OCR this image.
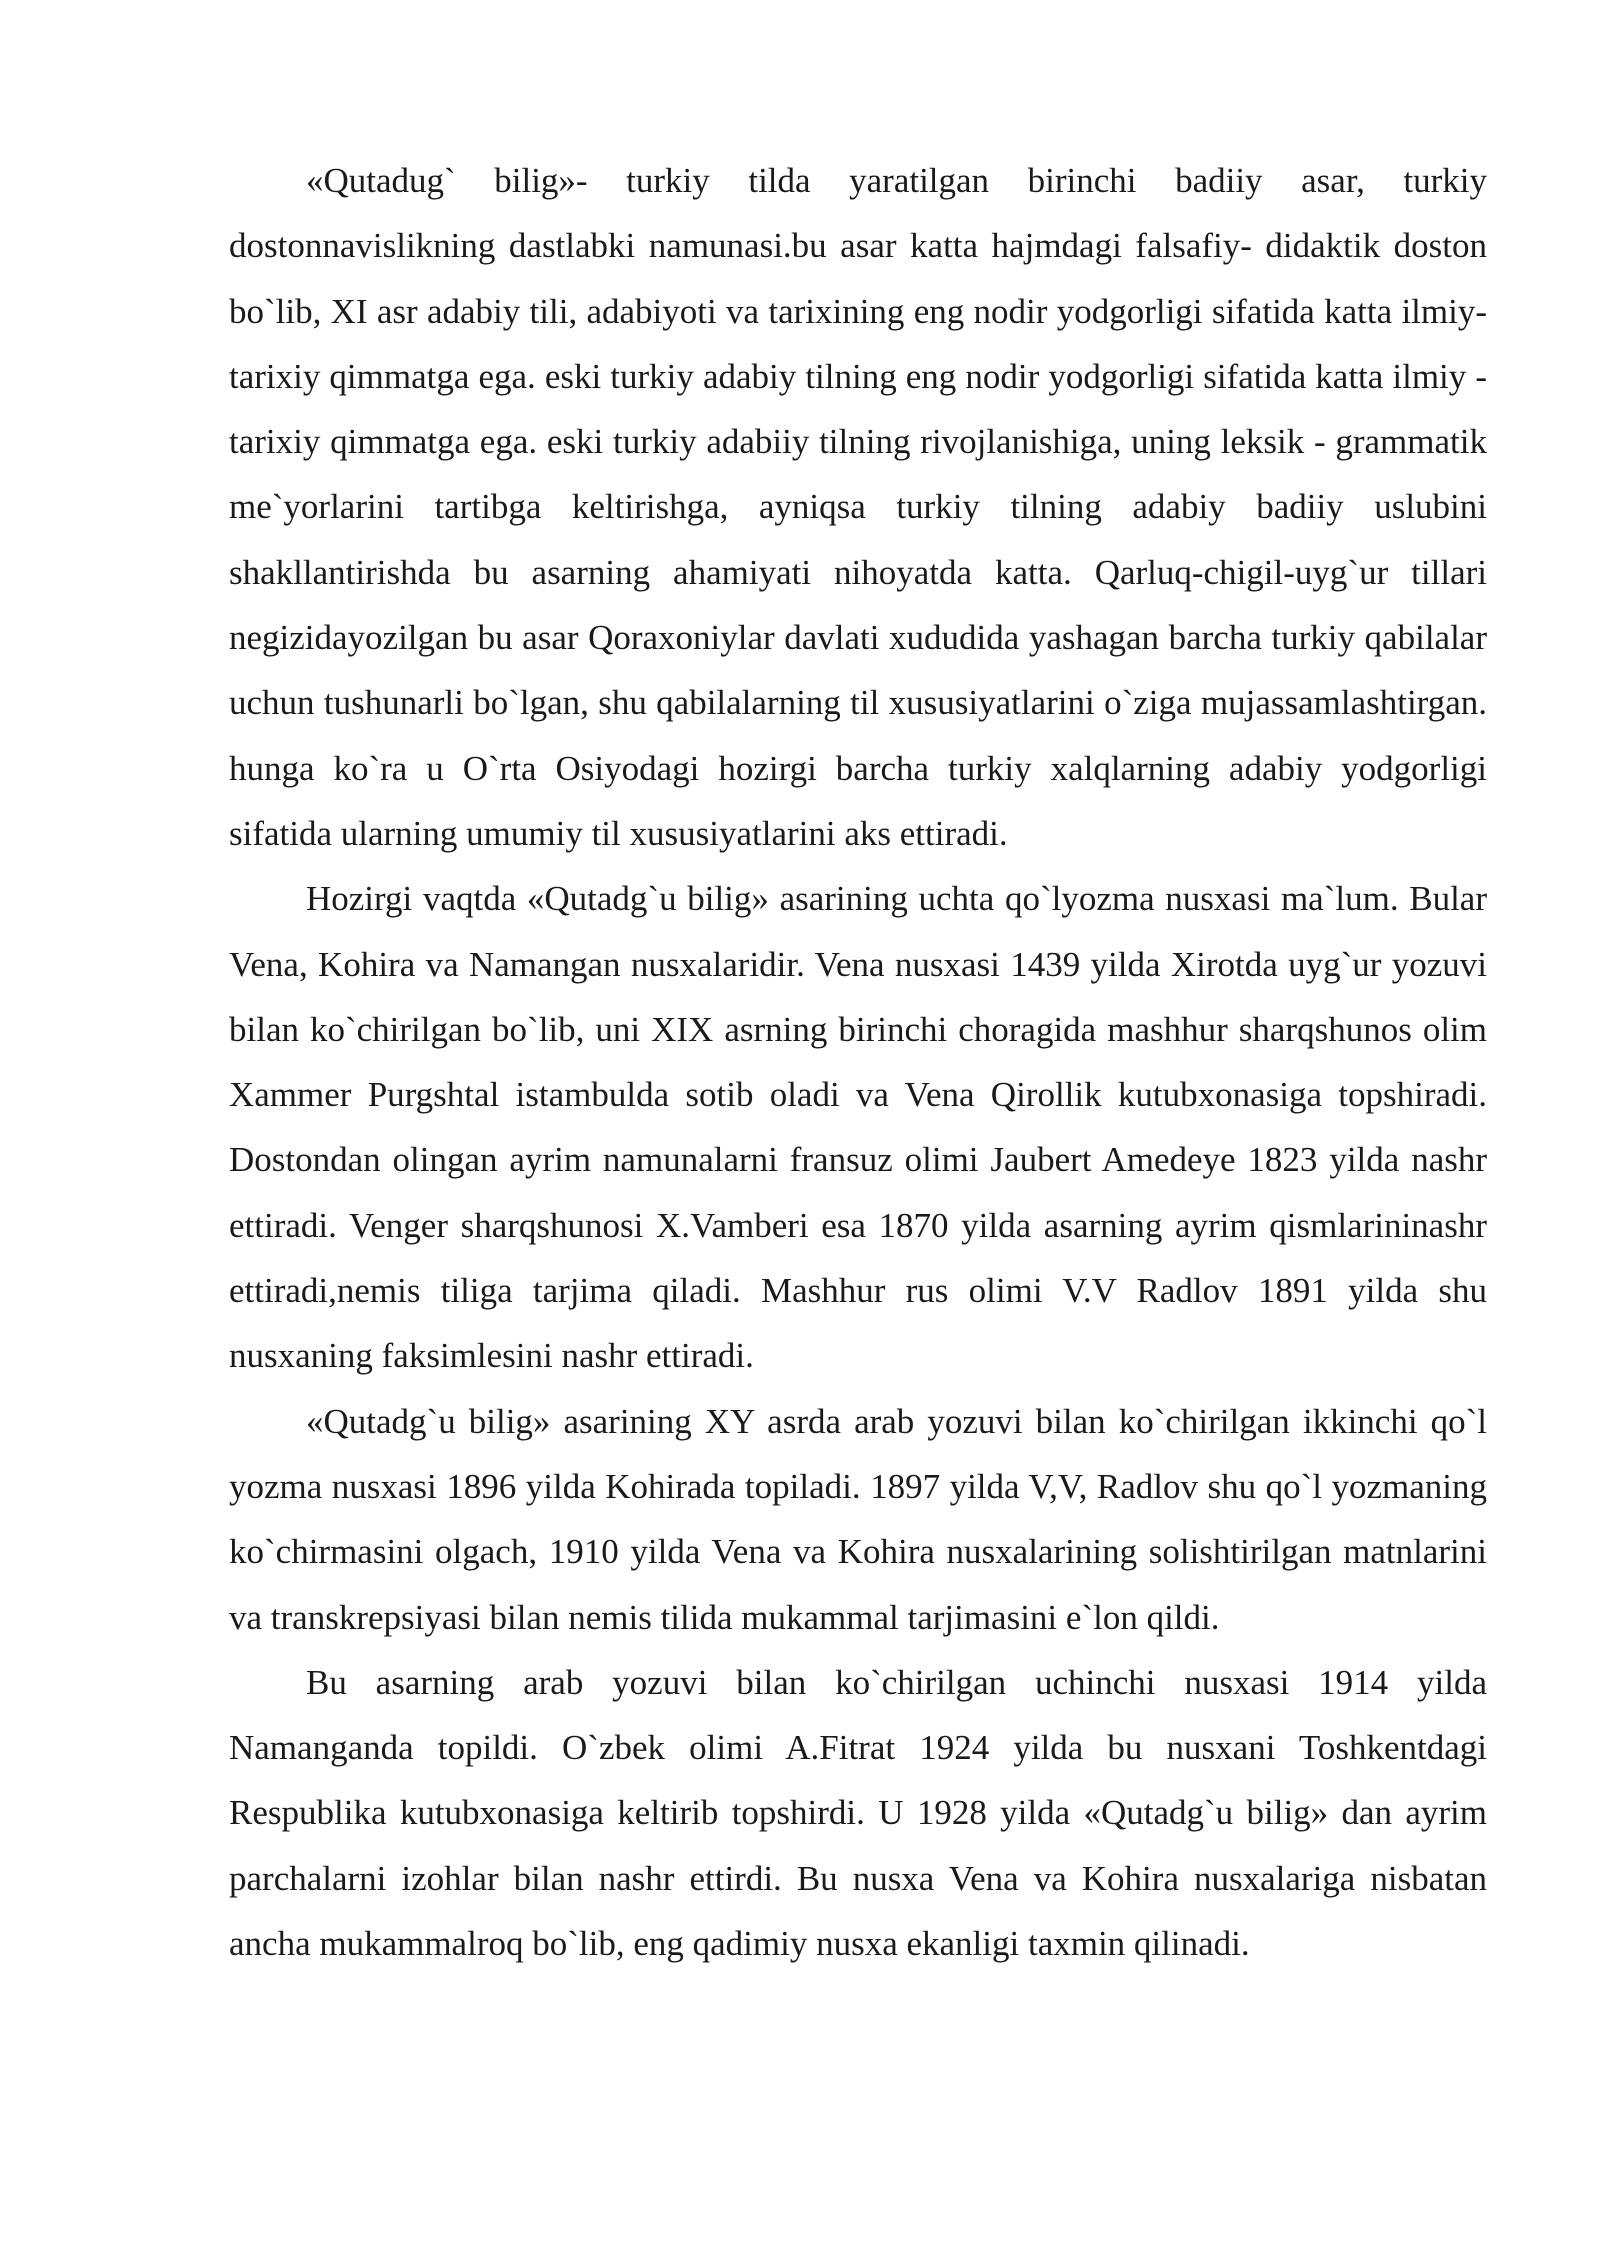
«Qutadug` bilig»- turkiy tilda yaratilgan birinchi badiiy asar, turkiy dostonnavislikning dastlabki namunasi.bu asar katta hajmdagi falsafiy- didaktik doston bo`lib, XI asr adabiy tili, adabiyoti va tarixining eng nodir yodgorligi sifatida katta ilmiy- tarixiy qimmatga ega. eski turkiy adabiy tilning eng nodir yodgorligi sifatida katta ilmiy - tarixiy qimmatga ega. eski turkiy adabiiy tilning rivojlanishiga, uning leksik - grammatik me`yorlarini tartibga keltirishga, ayniqsa turkiy tilning adabiy badiiy uslubini shakllantirishda bu asarning ahamiyati nihoyatda katta. Qarluq-chigil-uyg`ur tillari negizidayozilgan bu asar Qoraxoniylar davlati xududida yashagan barcha turkiy qabilalar uchun tushunarli bo`lgan, shu qabilalarning til xususiyatlarini o`ziga mujassamlashtirgan. hunga ko`ra u O`rta Osiyodagi hozirgi barcha turkiy xalqlarning adabiy yodgorligi sifatida ularning umumiy til xususiyatlarini aks ettiradi.

Hozirgi vaqtda «Qutadg`u bilig» asarining uchta qo`lyozma nusxasi ma`lum. Bular Vena, Kohira va Namangan nusxalaridir. Vena nusxasi 1439 yilda Xirotda uyg`ur yozuvi bilan ko`chirilgan bo`lib, uni XIX asrning birinchi choragida mashhur sharqshunos olim Xammer Purgshtal istambulda sotib oladi va Vena Qirollik kutubxonasiga topshiradi. Dostondan olingan ayrim namunalarni fransuz olimi Jaubert Amedeye 1823 yilda nashr ettiradi. Venger sharqshunosi X.Vamberi esa 1870 yilda asarning ayrim qismlarininashr ettiradi,nemis tiliga tarjima qiladi. Mashhur rus olimi V.V Radlov 1891 yilda shu nusxaning faksimlesini nashr ettiradi.

«Qutadg`u bilig» asarining XY asrda arab yozuvi bilan ko`chirilgan ikkinchi qo`l yozma nusxasi 1896 yilda Kohirada topiladi. 1897 yilda V,V, Radlov shu qo`l yozmaning ko`chirmasini olgach, 1910 yilda Vena va Kohira nusxalarining solishtirilgan matnlarini va transkrepsiyasi bilan nemis tilida mukammal tarjimasini e`lon qildi.

Bu asarning arab yozuvi bilan ko`chirilgan uchinchi nusxasi 1914 yilda Namanganda topildi. O`zbek olimi A.Fitrat 1924 yilda bu nusxani Toshkentdagi Respublika kutubxonasiga keltirib topshirdi. U 1928 yilda «Qutadg`u bilig» dan ayrim parchalarni izohlar bilan nashr ettirdi. Bu nusxa Vena va Kohira nusxalariga nisbatan ancha mukammalroq bo`lib, eng qadimiy nusxa ekanligi taxmin qilinadi.
